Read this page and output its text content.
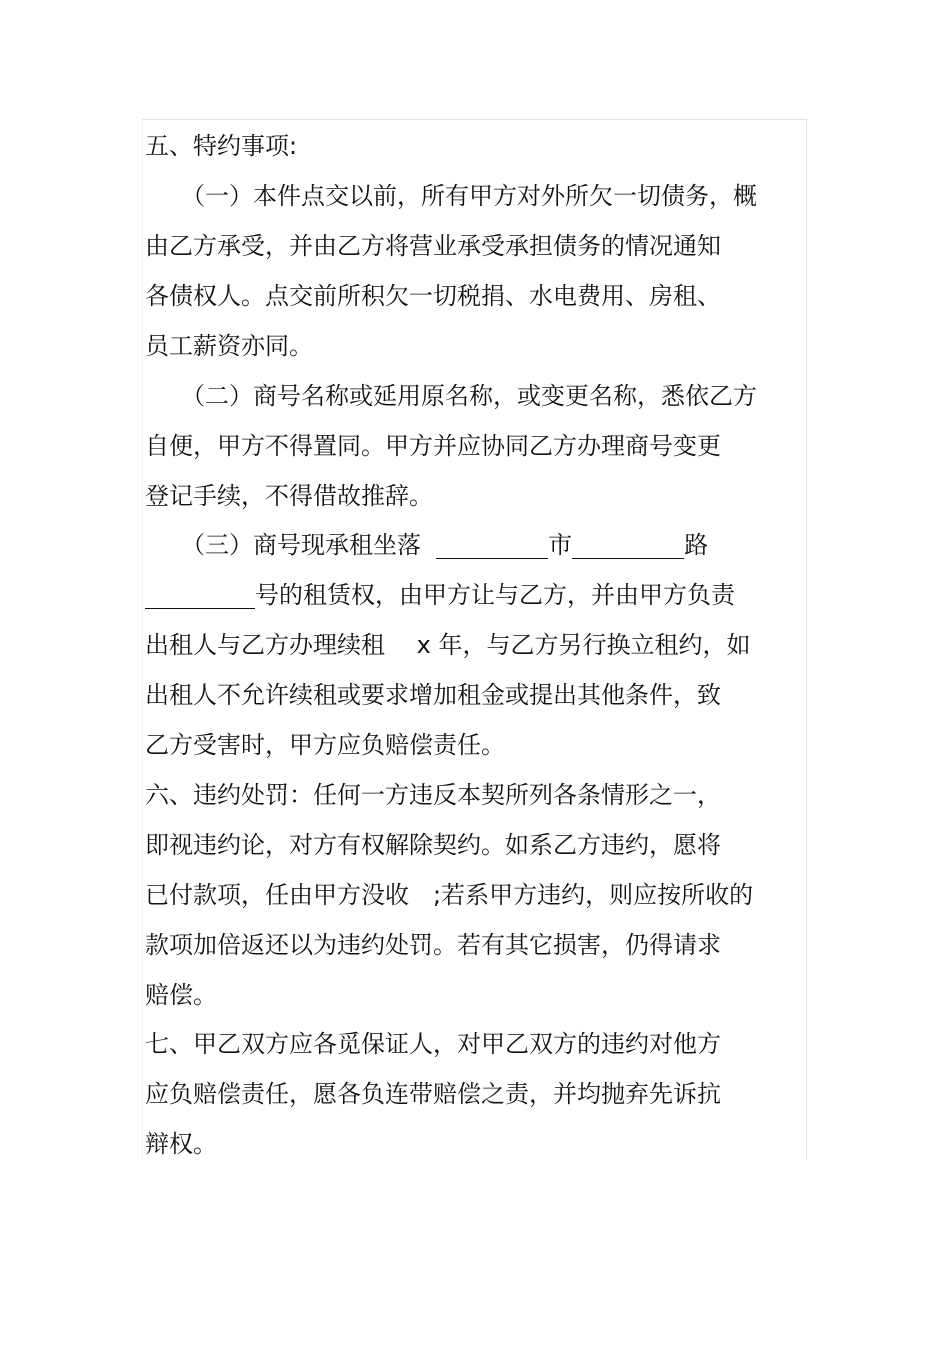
五、特约事项:
（一）本件点交以前，所有甲方对外所欠一切债务，概
由乙方承受，并由乙方将营业承受承担债务的情况通知
各债权人。点交前所积欠一切税捐、水电费用、房租、
员工薪资亦同。
（二）商号名称或延用原名称，或变更名称，悉依乙方
自便，甲方不得置同。甲方并应协同乙方办理商号变更
登记手续，不得借故推辞。
（三）商号现承租坐落	市	路
号的租赁权，由甲方让与乙方，并由甲方负责
出租人与乙方办理续租　 x 年，与乙方另行换立租约，如
出租人不允许续租或要求增加租金或提出其他条件，致
乙方受害时，甲方应负赔偿责任。
六、违约处罚：任何一方违反本契所列各条情形之一，
即视违约论，对方有权解除契约。如系乙方违约，愿将
已付款项，任由甲方没收　;若系甲方违约，则应按所收的
款项加倍返还以为违约处罚。若有其它损害，仍得请求
赔偿。
七、甲乙双方应各觅保证人，对甲乙双方的违约对他方
应负赔偿责任，愿各负连带赔偿之责，并均抛弃先诉抗
辩权。
